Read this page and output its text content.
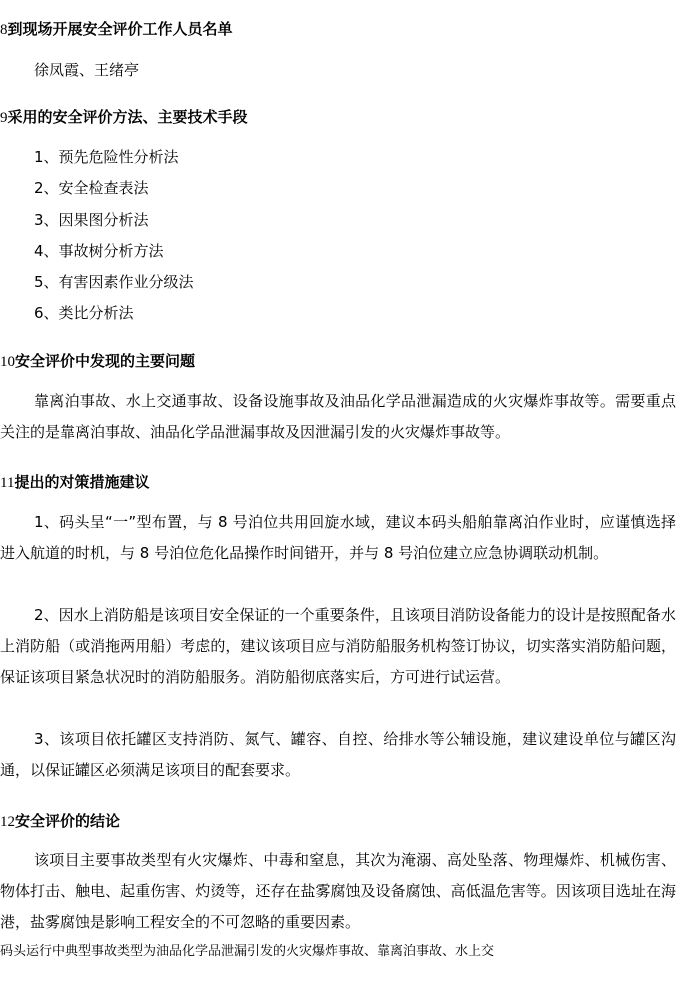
8到现场开展安全评价工作人员名单
徐凤霞、王绪亭
9采用的安全评价方法、主要技术手段
1、预先危险性分析法
2、安全检查表法
3、因果图分析法
4、事故树分析方法
5、有害因素作业分级法
6、类比分析法
10安全评价中发现的主要问题
靠离泊事故、水上交通事故、设备设施事故及油品化学品泄漏造成的火灾爆炸事故等。需要重点关注的是靠离泊事故、油品化学品泄漏事故及因泄漏引发的火灾爆炸事故等。
11提出的对策措施建议
1、码头呈“一”型布置，与 8 号泊位共用回旋水域，建议本码头船舶靠离泊作业时，应谨慎选择进入航道的时机，与 8 号泊位危化品操作时间错开，并与 8 号泊位建立应急协调联动机制。
2、因水上消防船是该项目安全保证的一个重要条件，且该项目消防设备能力的设计是按照配备水上消防船（或消拖两用船）考虑的，建议该项目应与消防船服务机构签订协议，切实落实消防船问题，保证该项目紧急状况时的消防船服务。消防船彻底落实后，方可进行试运营。
3、该项目依托罐区支持消防、氮气、罐容、自控、给排水等公辅设施，建议建设单位与罐区沟通，以保证罐区必须满足该项目的配套要求。
12安全评价的结论
该项目主要事故类型有火灾爆炸、中毒和窒息，其次为淹溺、高处坠落、物理爆炸、机械伤害、物体打击、触电、起重伤害、灼烫等，还存在盐雾腐蚀及设备腐蚀、高低温危害等。因该项目选址在海港，盐雾腐蚀是影响工程安全的不可忽略的重要因素。
码头运行中典型事故类型为油品化学品泄漏引发的火灾爆炸事故、靠离泊事故、水上交
